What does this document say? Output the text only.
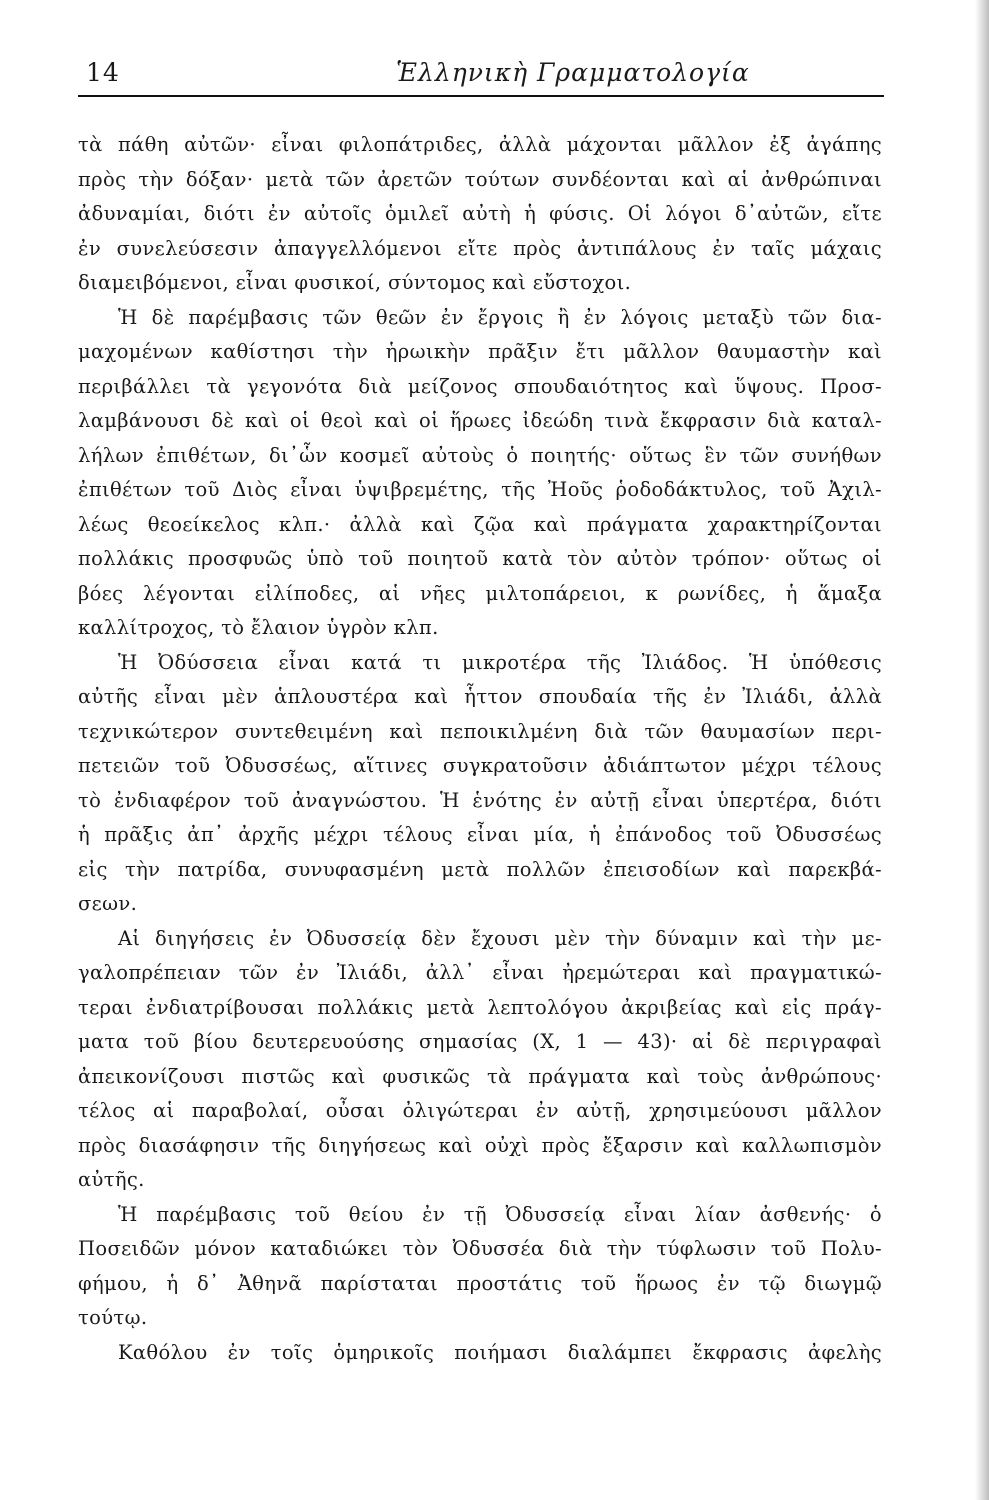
14	Ἑλληνικὴ Γραμματολογία
τὰ πάθη αὐτῶν· εἶναι φιλοπάτριδες, ἀλλὰ μάχονται μᾶλλον ἐξ ἀγάπης
πρὸς τὴν δόξαν· μετὰ τῶν ἀρετῶν τούτων συνδέονται καὶ αἱ ἀνθρώπιναι
ἀδυναμίαι, διότι ἐν αὐτοῖς ὁμιλεῖ αὐτὴ ἡ φύσις. Οἱ λόγοι δ᾽αὐτῶν, εἴτε
ἐν συνελεύσεσιν ἀπαγγελλόμενοι εἴτε πρὸς ἀντιπάλους ἐν ταῖς μάχαις
διαμειβόμενοι, εἶναι φυσικοί, σύντομος καὶ εὔστοχοι.
Ἡ δὲ παρέμβασις τῶν θεῶν ἐν ἔργοις ἢ ἐν λόγοις μεταξὺ τῶν δια-
μαχομένων καθίστησι τὴν ἡρωικὴν πρᾶξιν ἔτι μᾶλλον θαυμαστὴν καὶ
περιβάλλει τὰ γεγονότα διὰ μείζονος σπουδαιότητος καὶ ὕψους. Προσ-
λαμβάνουσι δὲ καὶ οἱ θεοὶ καὶ οἱ ἥρωες ἰδεώδη τινὰ ἔκφρασιν διὰ καταλ-
λήλων ἐπιθέτων, δι᾽ὧν κοσμεῖ αὐτοὺς ὁ ποιητής· οὕτως ἓν τῶν συνήθων
ἐπιθέτων τοῦ Διὸς εἶναι ὑψιβρεμέτης, τῆς Ἠοῦς ῥοδοδάκτυλος, τοῦ Ἀχιλ-
λέως θεοείκελος κλπ.· ἀλλὰ καὶ ζῷα καὶ πράγματα χαρακτηρίζονται
πολλάκις προσφυῶς ὑπὸ τοῦ ποιητοῦ κατὰ τὸν αὐτὸν τρόπον· οὕτως οἱ
βόες λέγονται εἰλίποδες, αἱ νῆες μιλτοπάρειοι, κ ρωνίδες, ἡ ἅμαξα
καλλίτροχος, τὸ ἔλαιον ὑγρὸν κλπ.
Ἡ Ὀδύσσεια εἶναι κατά τι μικροτέρα τῆς Ἰλιάδος. Ἡ ὑπόθεσις
αὐτῆς εἶναι μὲν ἁπλουστέρα καὶ ἧττον σπουδαία τῆς ἐν Ἰλιάδι, ἀλλὰ
τεχνικώτερον συντεθειμένη καὶ πεποικιλμένη διὰ τῶν θαυμασίων περι-
πετειῶν τοῦ Ὀδυσσέως, αἵτινες συγκρατοῦσιν ἀδιάπτωτον μέχρι τέλους
τὸ ἐνδιαφέρον τοῦ ἀναγνώστου. Ἡ ἑνότης ἐν αὐτῇ εἶναι ὑπερτέρα, διότι
ἡ πρᾶξις ἀπ᾽ ἀρχῆς μέχρι τέλους εἶναι μία, ἡ ἐπάνοδος τοῦ Ὀδυσσέως
εἰς τὴν πατρίδα, συνυφασμένη μετὰ πολλῶν ἐπεισοδίων καὶ παρεκβά-
σεων.
Αἱ διηγήσεις ἐν Ὀδυσσείᾳ δὲν ἔχουσι μὲν τὴν δύναμιν καὶ τὴν με-
γαλοπρέπειαν τῶν ἐν Ἰλιάδι, ἀλλ᾽ εἶναι ἠρεμώτεραι καὶ πραγματικώ-
τεραι ἐνδιατρίβουσαι πολλάκις μετὰ λεπτολόγου ἀκριβείας καὶ εἰς πράγ-
ματα τοῦ βίου δευτερευούσης σημασίας (Χ, 1 — 43)· αἱ δὲ περιγραφαὶ
ἀπεικονίζουσι πιστῶς καὶ φυσικῶς τὰ πράγματα καὶ τοὺς ἀνθρώπους·
τέλος αἱ παραβολαί, οὖσαι ὀλιγώτεραι ἐν αὐτῇ, χρησιμεύουσι μᾶλλον
πρὸς διασάφησιν τῆς διηγήσεως καὶ οὐχὶ πρὸς ἔξαρσιν καὶ καλλωπισμὸν
αὐτῆς.
Ἡ παρέμβασις τοῦ θείου ἐν τῇ Ὀδυσσείᾳ εἶναι λίαν ἀσθενής· ὁ
Ποσειδῶν μόνον καταδιώκει τὸν Ὀδυσσέα διὰ τὴν τύφλωσιν τοῦ Πολυ-
φήμου, ἡ δ᾽ Ἀθηνᾶ παρίσταται προστάτις τοῦ ἥρωος ἐν τῷ διωγμῷ
τούτῳ.
Καθόλου ἐν τοῖς ὁμηρικοῖς ποιήμασι διαλάμπει ἔκφρασις ἀφελὴς
